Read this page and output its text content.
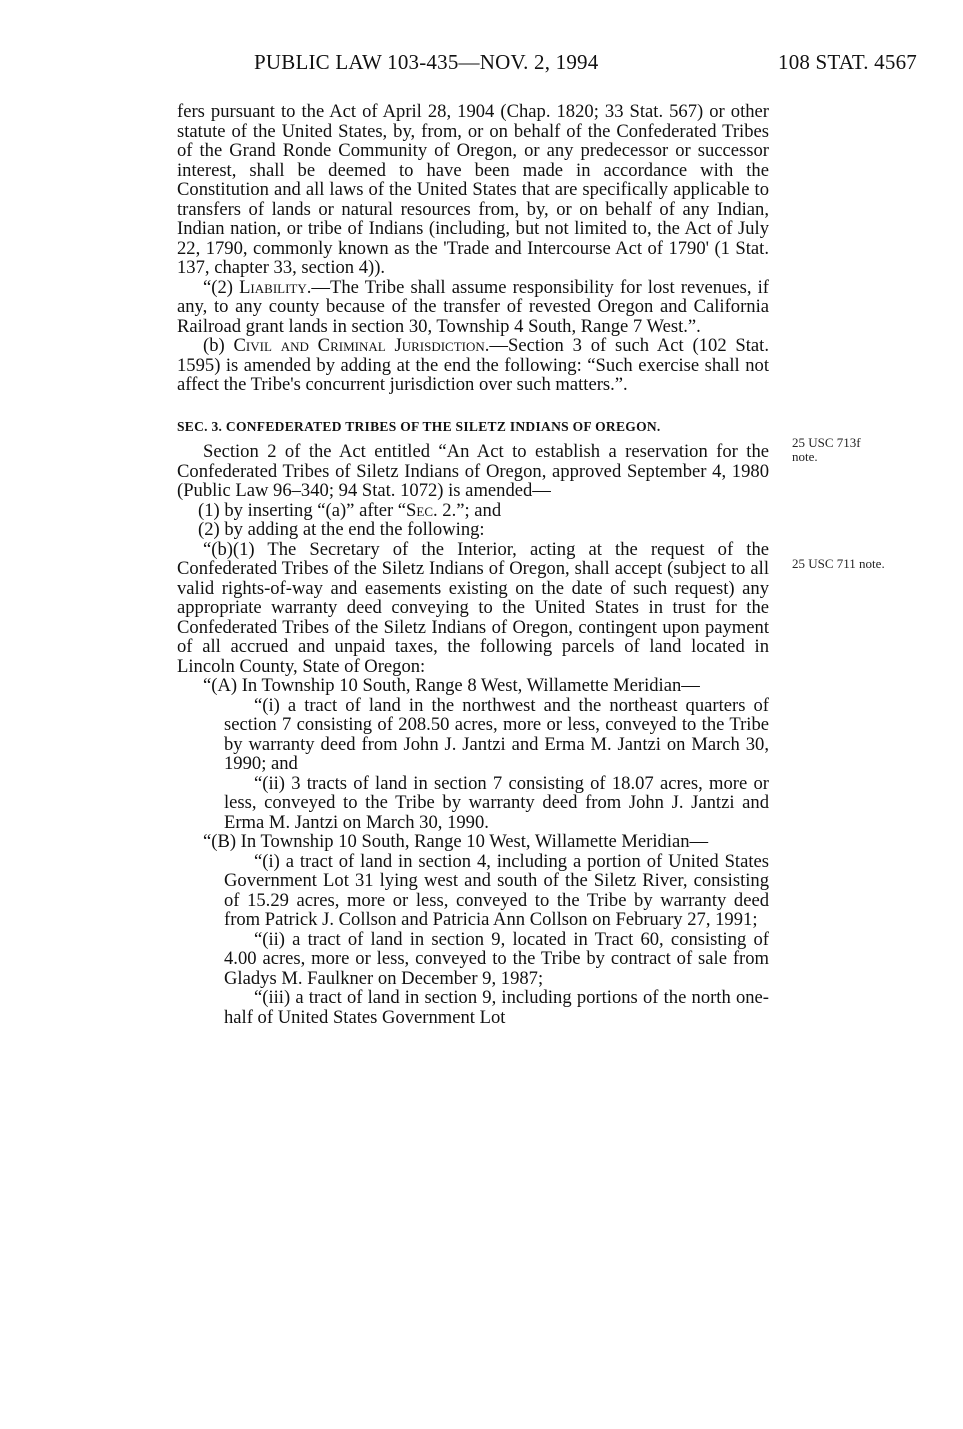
PUBLIC LAW 103-435—NOV. 2, 1994	108 STAT. 4567

fers pursuant to the Act of April 28, 1904 (Chap. 1820; 33 Stat. 567) or other statute of the United States, by, from, or on behalf of the Confederated Tribes of the Grand Ronde Community of Oregon, or any predecessor or successor interest, shall be deemed to have been made in accordance with the Constitution and all laws of the United States that are specifically applicable to transfers of lands or natural resources from, by, or on behalf of any Indian, Indian nation, or tribe of Indians (including, but not limited to, the Act of July 22, 1790, commonly known as the 'Trade and Intercourse Act of 1790' (1 Stat. 137, chapter 33, section 4)).

“(2) Liability.—The Tribe shall assume responsibility for lost revenues, if any, to any county because of the transfer of revested Oregon and California Railroad grant lands in section 30, Township 4 South, Range 7 West.”.

(b) Civil and Criminal Jurisdiction.—Section 3 of such Act (102 Stat. 1595) is amended by adding at the end the following: “Such exercise shall not affect the Tribe's concurrent jurisdiction over such matters.”.

SEC. 3. CONFEDERATED TRIBES OF THE SILETZ INDIANS OF OREGON.

Section 2 of the Act entitled “An Act to establish a reservation for the Confederated Tribes of Siletz Indians of Oregon, approved September 4, 1980 (Public Law 96–340; 94 Stat. 1072) is amended—

(1) by inserting “(a)” after “Sec. 2.”; and

(2) by adding at the end the following:

“(b)(1) The Secretary of the Interior, acting at the request of the Confederated Tribes of the Siletz Indians of Oregon, shall accept (subject to all valid rights-of-way and easements existing on the date of such request) any appropriate warranty deed conveying to the United States in trust for the Confederated Tribes of the Siletz Indians of Oregon, contingent upon payment of all accrued and unpaid taxes, the following parcels of land located in Lincoln County, State of Oregon:

“(A) In Township 10 South, Range 8 West, Willamette Meridian—

“(i) a tract of land in the northwest and the northeast quarters of section 7 consisting of 208.50 acres, more or less, conveyed to the Tribe by warranty deed from John J. Jantzi and Erma M. Jantzi on March 30, 1990; and

“(ii) 3 tracts of land in section 7 consisting of 18.07 acres, more or less, conveyed to the Tribe by warranty deed from John J. Jantzi and Erma M. Jantzi on March 30, 1990.

“(B) In Township 10 South, Range 10 West, Willamette Meridian—

“(i) a tract of land in section 4, including a portion of United States Government Lot 31 lying west and south of the Siletz River, consisting of 15.29 acres, more or less, conveyed to the Tribe by warranty deed from Patrick J. Collson and Patricia Ann Collson on February 27, 1991;

“(ii) a tract of land in section 9, located in Tract 60, consisting of 4.00 acres, more or less, conveyed to the Tribe by contract of sale from Gladys M. Faulkner on December 9, 1987;

“(iii) a tract of land in section 9, including portions of the north one-half of United States Government Lot

25 USC 713f
note.
25 USC 711 note.
